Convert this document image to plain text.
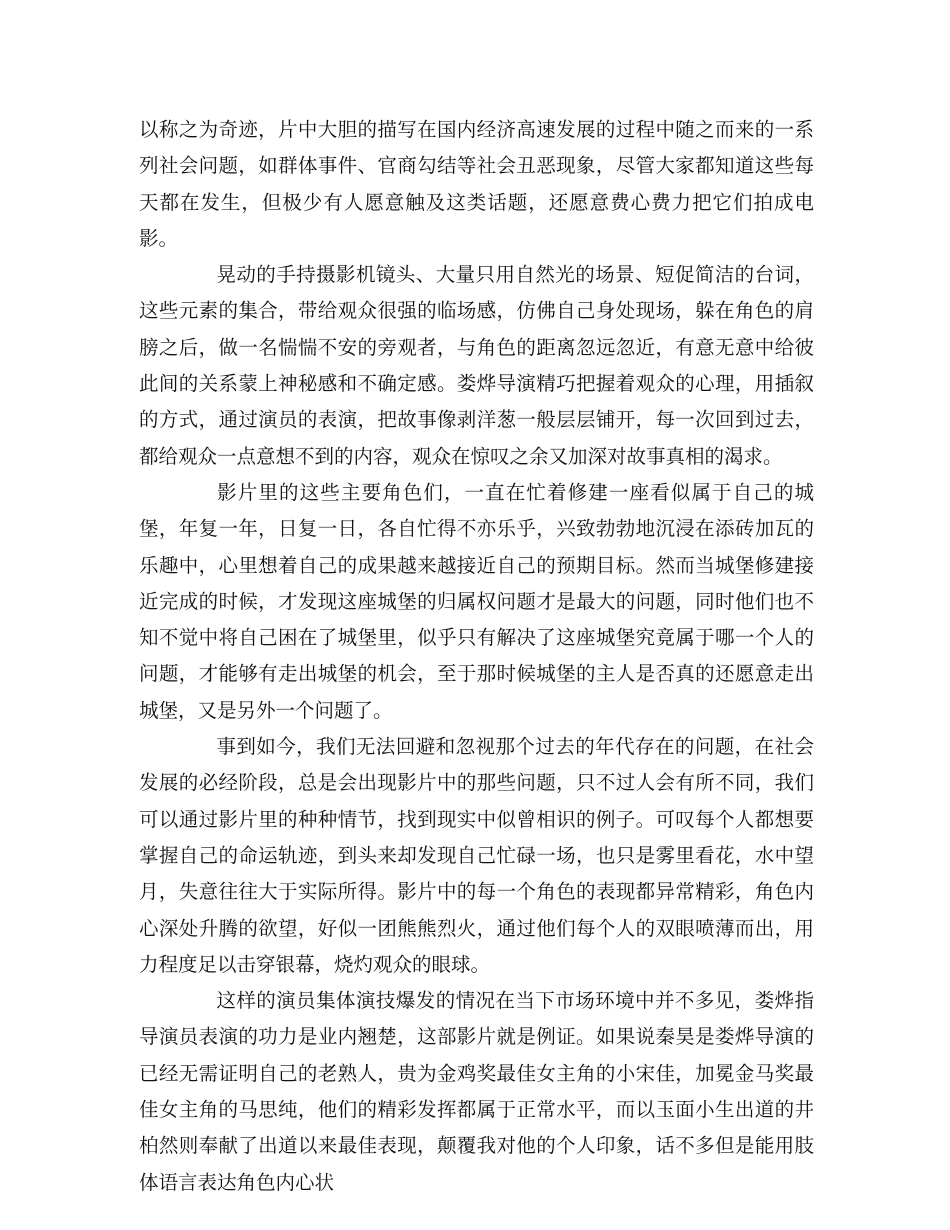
以称之为奇迹，片中大胆的描写在国内经济高速发展的过程中随之而来的一系列社会问题，如群体事件、官商勾结等社会丑恶现象，尽管大家都知道这些每天都在发生，但极少有人愿意触及这类话题，还愿意费心费力把它们拍成电影。

晃动的手持摄影机镜头、大量只用自然光的场景、短促简洁的台词，这些元素的集合，带给观众很强的临场感，仿佛自己身处现场，躲在角色的肩膀之后，做一名惴惴不安的旁观者，与角色的距离忽远忽近，有意无意中给彼此间的关系蒙上神秘感和不确定感。娄烨导演精巧把握着观众的心理，用插叙的方式，通过演员的表演，把故事像剥洋葱一般层层铺开，每一次回到过去，都给观众一点意想不到的内容，观众在惊叹之余又加深对故事真相的渴求。

影片里的这些主要角色们，一直在忙着修建一座看似属于自己的城堡，年复一年，日复一日，各自忙得不亦乐乎，兴致勃勃地沉浸在添砖加瓦的乐趣中，心里想着自己的成果越来越接近自己的预期目标。然而当城堡修建接近完成的时候，才发现这座城堡的归属权问题才是最大的问题，同时他们也不知不觉中将自己困在了城堡里，似乎只有解决了这座城堡究竟属于哪一个人的问题，才能够有走出城堡的机会，至于那时候城堡的主人是否真的还愿意走出城堡，又是另外一个问题了。

事到如今，我们无法回避和忽视那个过去的年代存在的问题，在社会发展的必经阶段，总是会出现影片中的那些问题，只不过人会有所不同，我们可以通过影片里的种种情节，找到现实中似曾相识的例子。可叹每个人都想要掌握自己的命运轨迹，到头来却发现自己忙碌一场，也只是雾里看花，水中望月，失意往往大于实际所得。影片中的每一个角色的表现都异常精彩，角色内心深处升腾的欲望，好似一团熊熊烈火，通过他们每个人的双眼喷薄而出，用力程度足以击穿银幕，烧灼观众的眼球。

这样的演员集体演技爆发的情况在当下市场环境中并不多见，娄烨指导演员表演的功力是业内翘楚，这部影片就是例证。如果说秦昊是娄烨导演的已经无需证明自己的老熟人，贵为金鸡奖最佳女主角的小宋佳，加冕金马奖最佳女主角的马思纯，他们的精彩发挥都属于正常水平，而以玉面小生出道的井柏然则奉献了出道以来最佳表现，颠覆我对他的个人印象，话不多但是能用肢体语言表达角色内心状
